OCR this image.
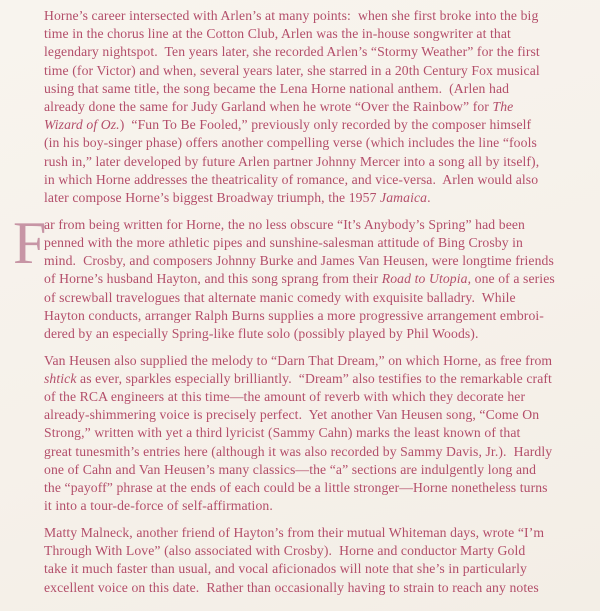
Horne’s career intersected with Arlen’s at many points:  when she first broke into the big
time in the chorus line at the Cotton Club, Arlen was the in-house songwriter at that
legendary nightspot.  Ten years later, she recorded Arlen’s “Stormy Weather” for the first
time (for Victor) and when, several years later, she starred in a 20th Century Fox musical
using that same title, the song became the Lena Horne national anthem.  (Arlen had
already done the same for Judy Garland when he wrote “Over the Rainbow” for The
Wizard of Oz.)  “Fun To Be Fooled,” previously only recorded by the composer himself
(in his boy-singer phase) offers another compelling verse (which includes the line “fools
rush in,” later developed by future Arlen partner Johnny Mercer into a song all by itself),
in which Horne addresses the theatricality of romance, and vice-versa.  Arlen would also
later compose Horne’s biggest Broadway triumph, the 1957 Jamaica.
F
ar from being written for Horne, the no less obscure “It’s Anybody’s Spring” had been
penned with the more athletic pipes and sunshine-salesman attitude of Bing Crosby in
mind.  Crosby, and composers Johnny Burke and James Van Heusen, were longtime friends
of Horne’s husband Hayton, and this song sprang from their Road to Utopia, one of a series
of screwball travelogues that alternate manic comedy with exquisite balladry.  While
Hayton conducts, arranger Ralph Burns supplies a more progressive arrangement embroi-
dered by an especially Spring-like flute solo (possibly played by Phil Woods).
Van Heusen also supplied the melody to “Darn That Dream,” on which Horne, as free from
shtick as ever, sparkles especially brilliantly.  “Dream” also testifies to the remarkable craft
of the RCA engineers at this time—the amount of reverb with which they decorate her
already-shimmering voice is precisely perfect.  Yet another Van Heusen song, “Come On
Strong,” written with yet a third lyricist (Sammy Cahn) marks the least known of that
great tunesmith’s entries here (although it was also recorded by Sammy Davis, Jr.).  Hardly
one of Cahn and Van Heusen’s many classics—the “a” sections are indulgently long and
the “payoff” phrase at the ends of each could be a little stronger—Horne nonetheless turns
it into a tour-de-force of self-affirmation.
Matty Malneck, another friend of Hayton’s from their mutual Whiteman days, wrote “I’m
Through With Love” (also associated with Crosby).  Horne and conductor Marty Gold
take it much faster than usual, and vocal aficionados will note that she’s in particularly
excellent voice on this date.  Rather than occasionally having to strain to reach any notes
